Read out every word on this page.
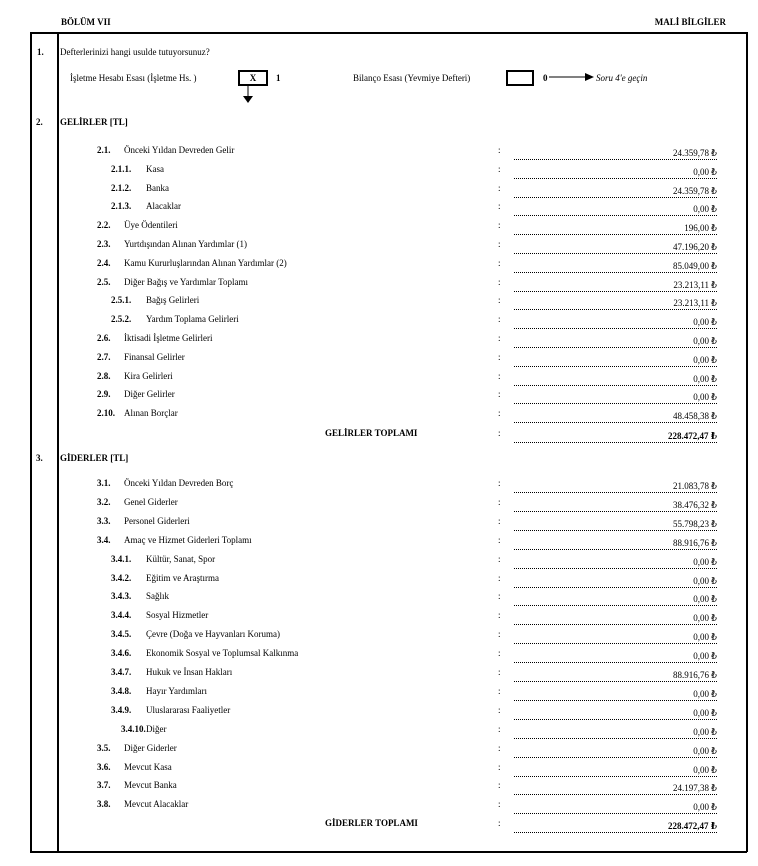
BÖLÜM VII	MALİ BİLGİLER
1. Defterlerinizi hangi usulde tutuyorsunuz?
İşletme Hesabı Esası (İşletme Hs. )	X	1	Bilanço Esası (Yevmiye Defteri)	0	Soru 4'e geçin
2. GELİRLER [TL]
2.1. Önceki Yıldan Devreden Gelir	:	24.359,78 ₺
2.1.1. Kasa	:	0,00 ₺
2.1.2. Banka	:	24.359,78 ₺
2.1.3. Alacaklar	:	0,00 ₺
2.2. Üye Ödentileri	:	196,00 ₺
2.3. Yurtdışından Alınan Yardımlar (1)	:	47.196,20 ₺
2.4. Kamu Kururluşlarından Alınan Yardımlar (2)	:	85.049,00 ₺
2.5. Diğer Bağış ve Yardımlar Toplamı	:	23.213,11 ₺
2.5.1. Bağış Gelirleri	:	23.213,11 ₺
2.5.2. Yardım Toplama Gelirleri	:	0,00 ₺
2.6. İktisadi İşletme Gelirleri	:	0,00 ₺
2.7. Finansal Gelirler	:	0,00 ₺
2.8. Kira Gelirleri	:	0,00 ₺
2.9. Diğer Gelirler	:	0,00 ₺
2.10. Alınan Borçlar	:	48.458,38 ₺
GELİRLER TOPLAMI	:	228.472,47 ₺
3. GİDERLER [TL]
3.1. Önceki Yıldan Devreden Borç	:	21.083,78 ₺
3.2. Genel Giderler	:	38.476,32 ₺
3.3. Personel Giderleri	:	55.798,23 ₺
3.4. Amaç ve Hizmet Giderleri Toplamı	:	88.916,76 ₺
3.4.1. Kültür, Sanat, Spor	:	0,00 ₺
3.4.2. Eğitim ve Araştırma	:	0,00 ₺
3.4.3. Sağlık	:	0,00 ₺
3.4.4. Sosyal Hizmetler	:	0,00 ₺
3.4.5. Çevre (Doğa ve Hayvanları Koruma)	:	0,00 ₺
3.4.6. Ekonomik Sosyal ve Toplumsal Kalkınma	:	0,00 ₺
3.4.7. Hukuk ve İnsan Hakları	:	88.916,76 ₺
3.4.8. Hayır Yardımları	:	0,00 ₺
3.4.9. Uluslararası Faaliyetler	:	0,00 ₺
3.4.10. Diğer	:	0,00 ₺
3.5. Diğer Giderler	:	0,00 ₺
3.6. Mevcut Kasa	:	0,00 ₺
3.7. Mevcut Banka	:	24.197,38 ₺
3.8. Mevcut Alacaklar	:	0,00 ₺
GİDERLER TOPLAMI	:	228.472,47 ₺
